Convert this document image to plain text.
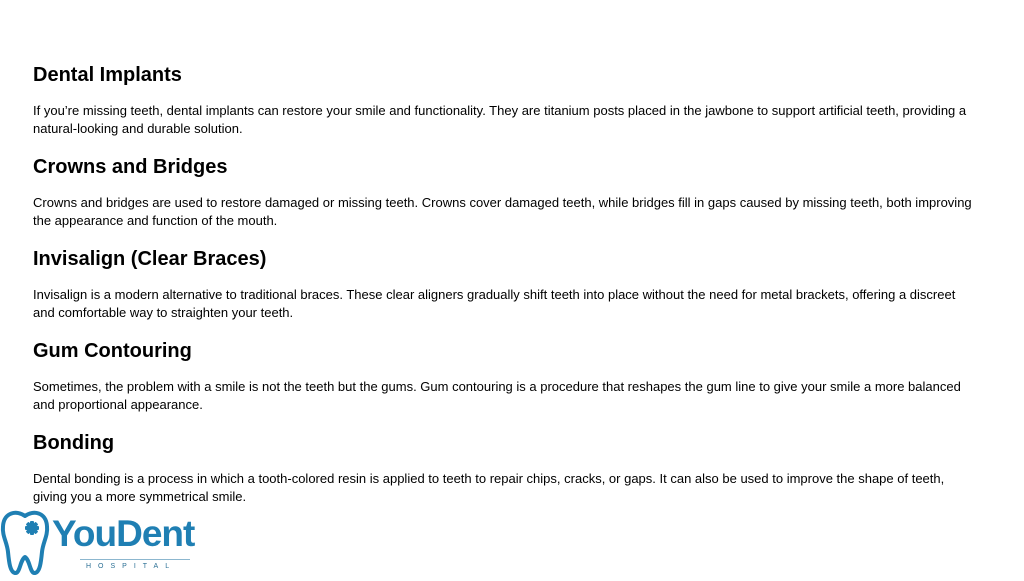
Dental Implants

If you’re missing teeth, dental implants can restore your smile and functionality. They are titanium posts placed in the jawbone to support artificial teeth, providing a natural-looking and durable solution.

Crowns and Bridges

Crowns and bridges are used to restore damaged or missing teeth. Crowns cover damaged teeth, while bridges fill in gaps caused by missing teeth, both improving the appearance and function of the mouth.

Invisalign (Clear Braces)

Invisalign is a modern alternative to traditional braces. These clear aligners gradually shift teeth into place without the need for metal brackets, offering a discreet and comfortable way to straighten your teeth.

Gum Contouring

Sometimes, the problem with a smile is not the teeth but the gums. Gum contouring is a procedure that reshapes the gum line to give your smile a more balanced and proportional appearance.

Bonding

Dental bonding is a process in which a tooth-colored resin is applied to teeth to repair chips, cracks, or gaps. It can also be used to improve the shape of teeth, giving you a more symmetrical smile.

YouDent
HOSPITAL
